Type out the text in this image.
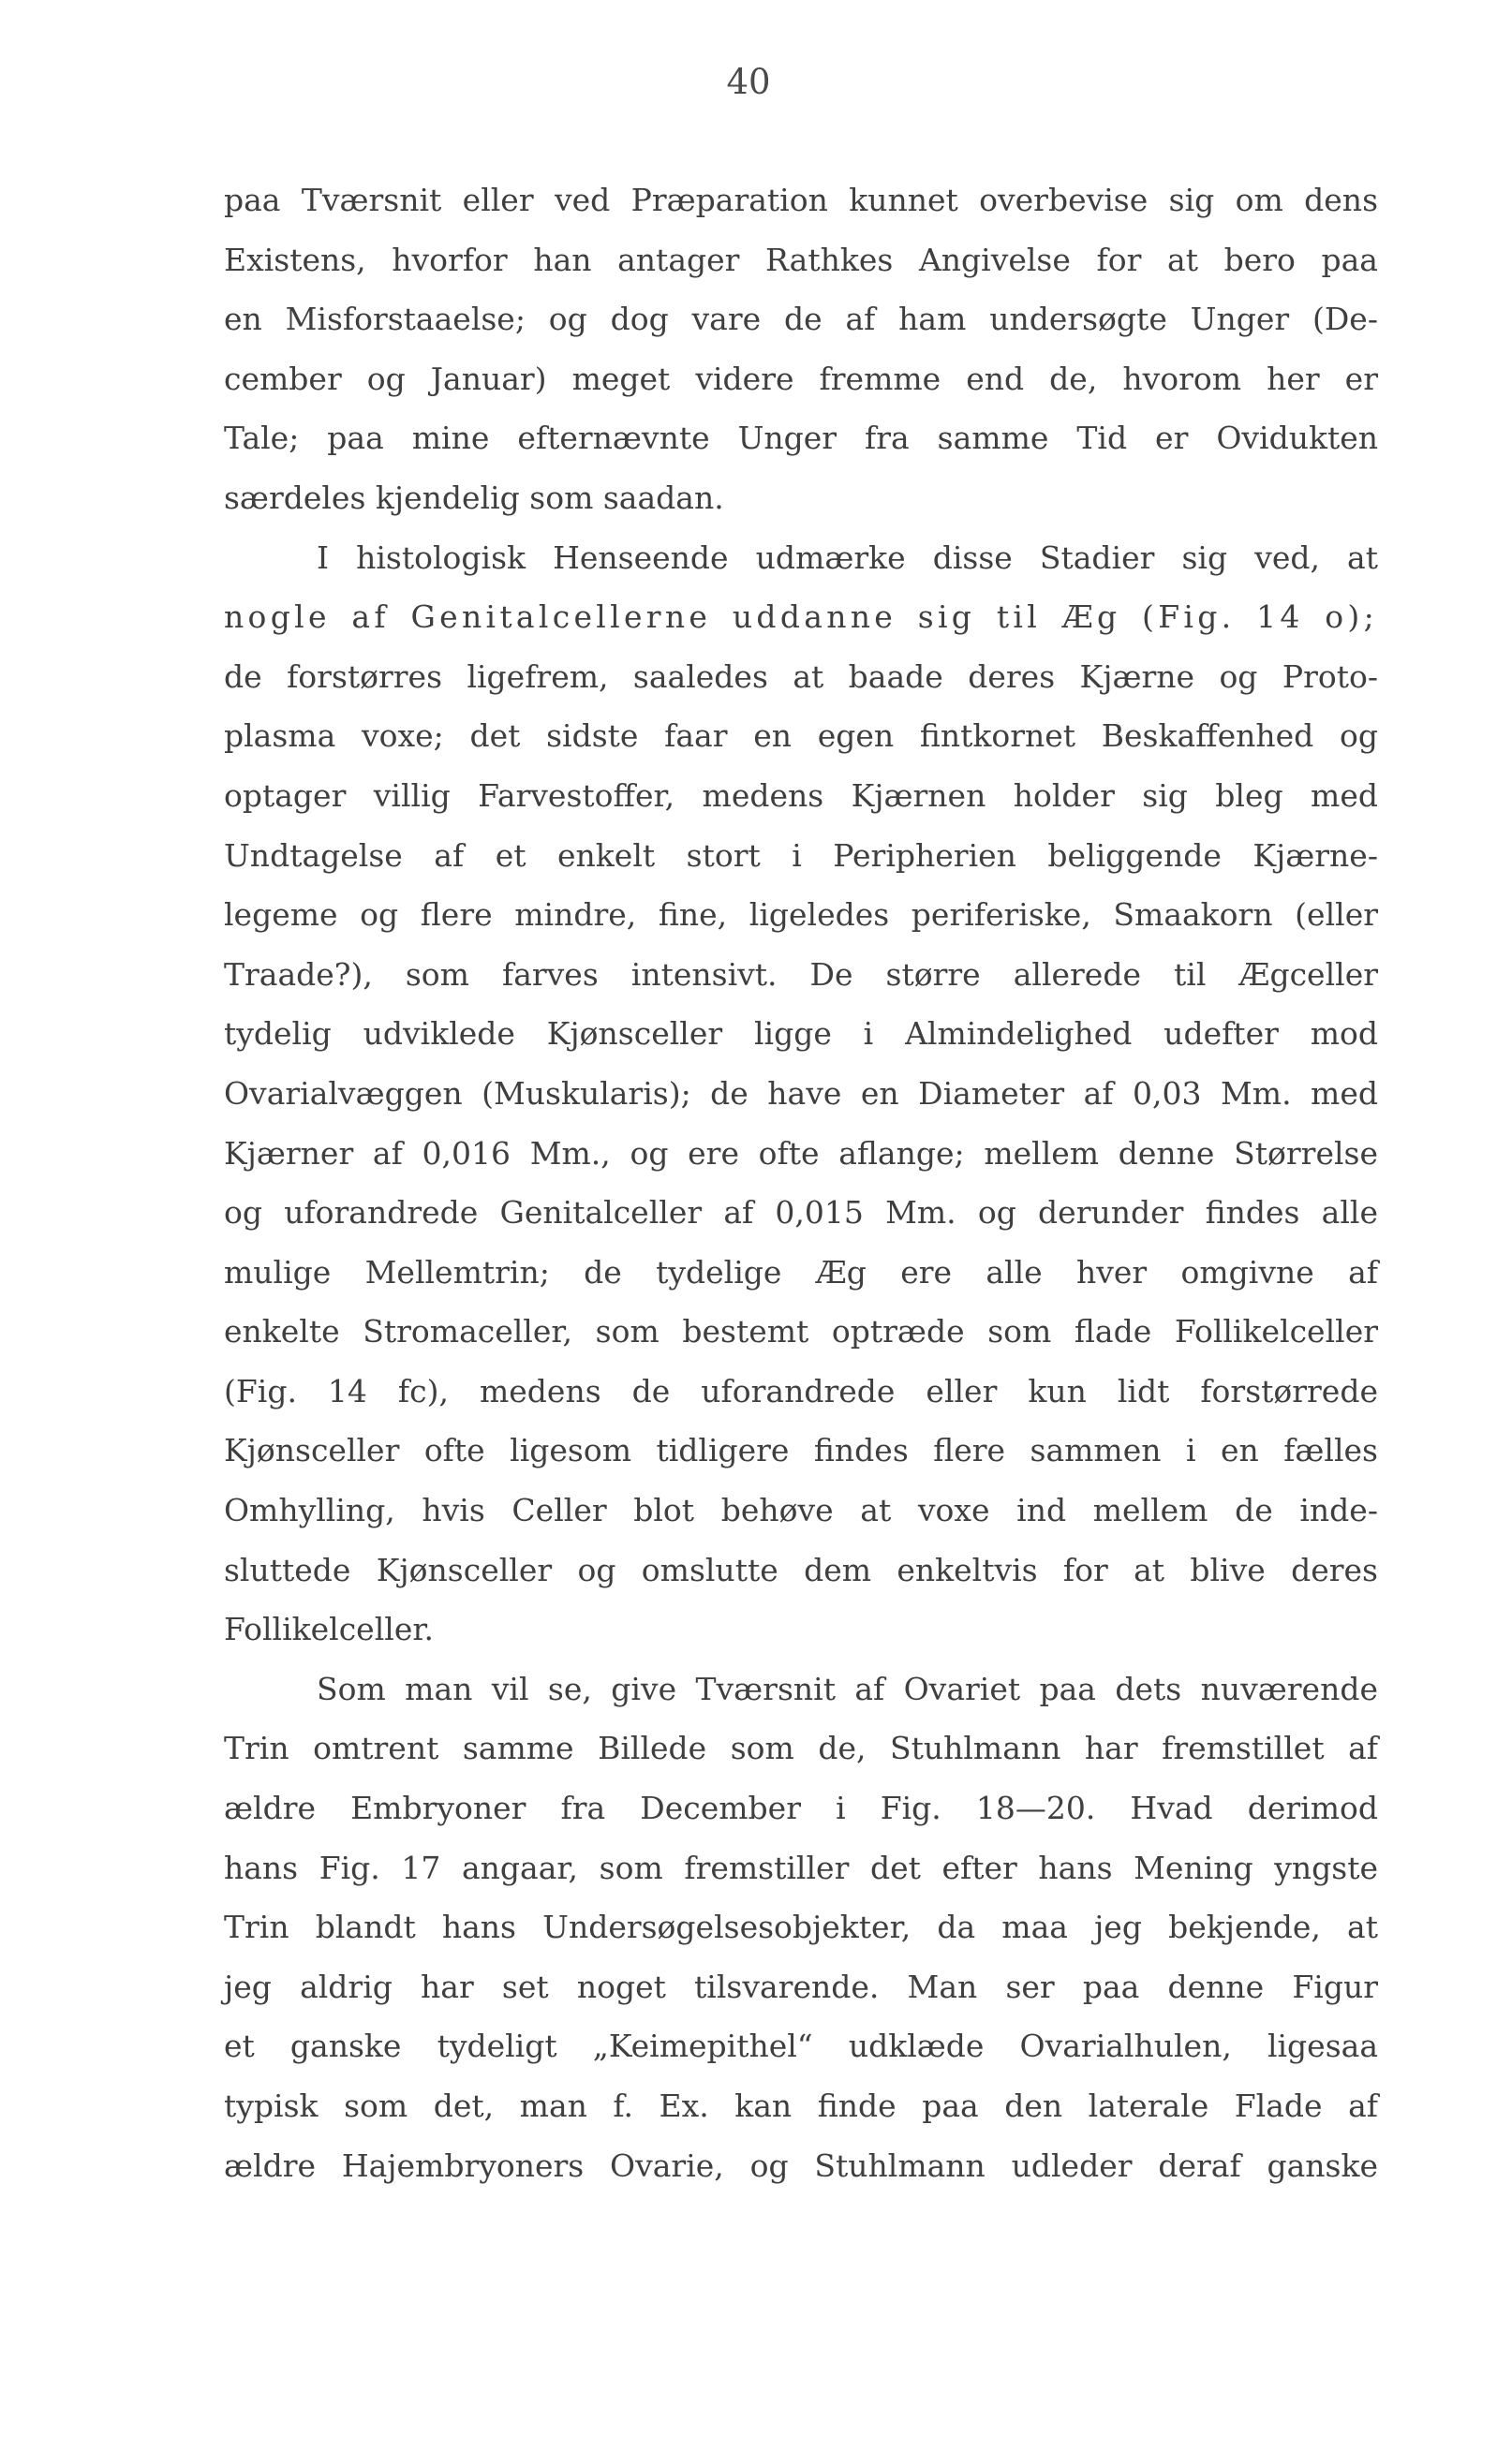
40
paa Tværsnit eller ved Præparation kunnet overbevise sig om dens
Existens, hvorfor han antager Rathkes Angivelse for at bero paa
en Misforstaaelse; og dog vare de af ham undersøgte Unger (De-
cember og Januar) meget videre fremme end de, hvorom her er
Tale; paa mine efternævnte Unger fra samme Tid er Ovidukten
særdeles kjendelig som saadan.
I histologisk Henseende udmærke disse Stadier sig ved, at
nogle af Genitalcellerne uddanne sig til Æg (Fig. 14 o);
de forstørres ligefrem, saaledes at baade deres Kjærne og Proto-
plasma voxe; det sidste faar en egen fintkornet Beskaffenhed og
optager villig Farvestoffer, medens Kjærnen holder sig bleg med
Undtagelse af et enkelt stort i Peripherien beliggende Kjærne-
legeme og flere mindre, fine, ligeledes periferiske, Smaakorn (eller
Traade?), som farves intensivt. De større allerede til Ægceller
tydelig udviklede Kjønsceller ligge i Almindelighed udefter mod
Ovarialvæggen (Muskularis); de have en Diameter af 0,03 Mm. med
Kjærner af 0,016 Mm., og ere ofte aflange; mellem denne Størrelse
og uforandrede Genitalceller af 0,015 Mm. og derunder findes alle
mulige Mellemtrin; de tydelige Æg ere alle hver omgivne af
enkelte Stromaceller, som bestemt optræde som flade Follikelceller
(Fig. 14 fc), medens de uforandrede eller kun lidt forstørrede
Kjønsceller ofte ligesom tidligere findes flere sammen i en fælles
Omhylling, hvis Celler blot behøve at voxe ind mellem de inde-
sluttede Kjønsceller og omslutte dem enkeltvis for at blive deres
Follikelceller.
Som man vil se, give Tværsnit af Ovariet paa dets nuværende
Trin omtrent samme Billede som de, Stuhlmann har fremstillet af
ældre Embryoner fra December i Fig. 18—20. Hvad derimod
hans Fig. 17 angaar, som fremstiller det efter hans Mening yngste
Trin blandt hans Undersøgelsesobjekter, da maa jeg bekjende, at
jeg aldrig har set noget tilsvarende. Man ser paa denne Figur
et ganske tydeligt „Keimepithel“ udklæde Ovarialhulen, ligesaa
typisk som det, man f. Ex. kan finde paa den laterale Flade af
ældre Hajembryoners Ovarie, og Stuhlmann udleder deraf ganske
